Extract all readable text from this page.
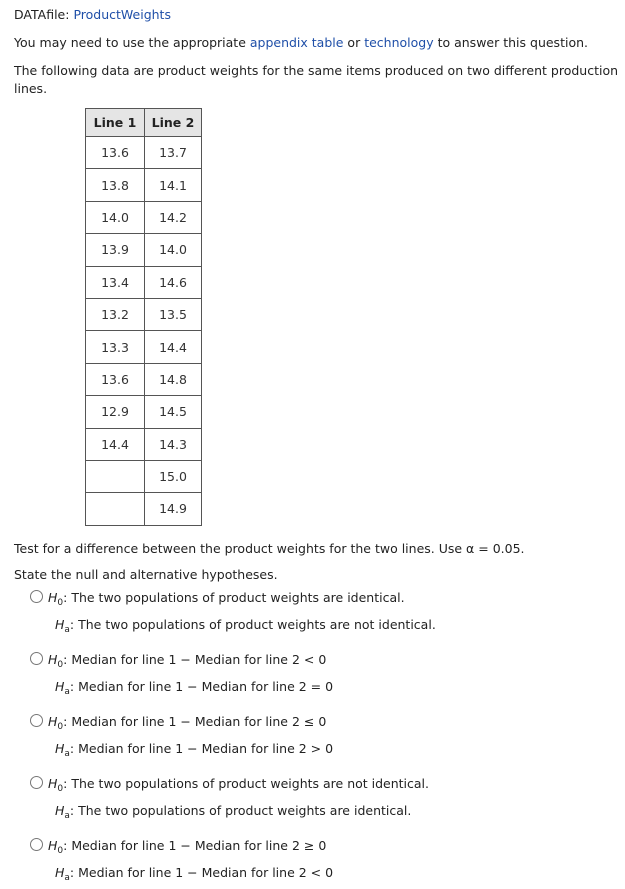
DATAfile: ProductWeights

You may need to use the appropriate appendix table or technology to answer this question.

The following data are product weights for the same items produced on two different production lines.

Line 1	Line 2
13.6	13.7
13.8	14.1
14.0	14.2
13.9	14.0
13.4	14.6
13.2	13.5
13.3	14.4
13.6	14.8
12.9	14.5
14.4	14.3
	15.0
	14.9

Test for a difference between the product weights for the two lines. Use α = 0.05.

State the null and alternative hypotheses.

$H_0$: The two populations of product weights are identical.
$H_a$: The two populations of product weights are not identical.
$H_0$: Median for line 1 − Median for line 2 < 0
$H_a$: Median for line 1 − Median for line 2 = 0
$H_0$: Median for line 1 − Median for line 2 ≤ 0
$H_a$: Median for line 1 − Median for line 2 > 0
$H_0$: The two populations of product weights are not identical.
$H_a$: The two populations of product weights are identical.
$H_0$: Median for line 1 − Median for line 2 ≥ 0
$H_a$: Median for line 1 − Median for line 2 < 0
